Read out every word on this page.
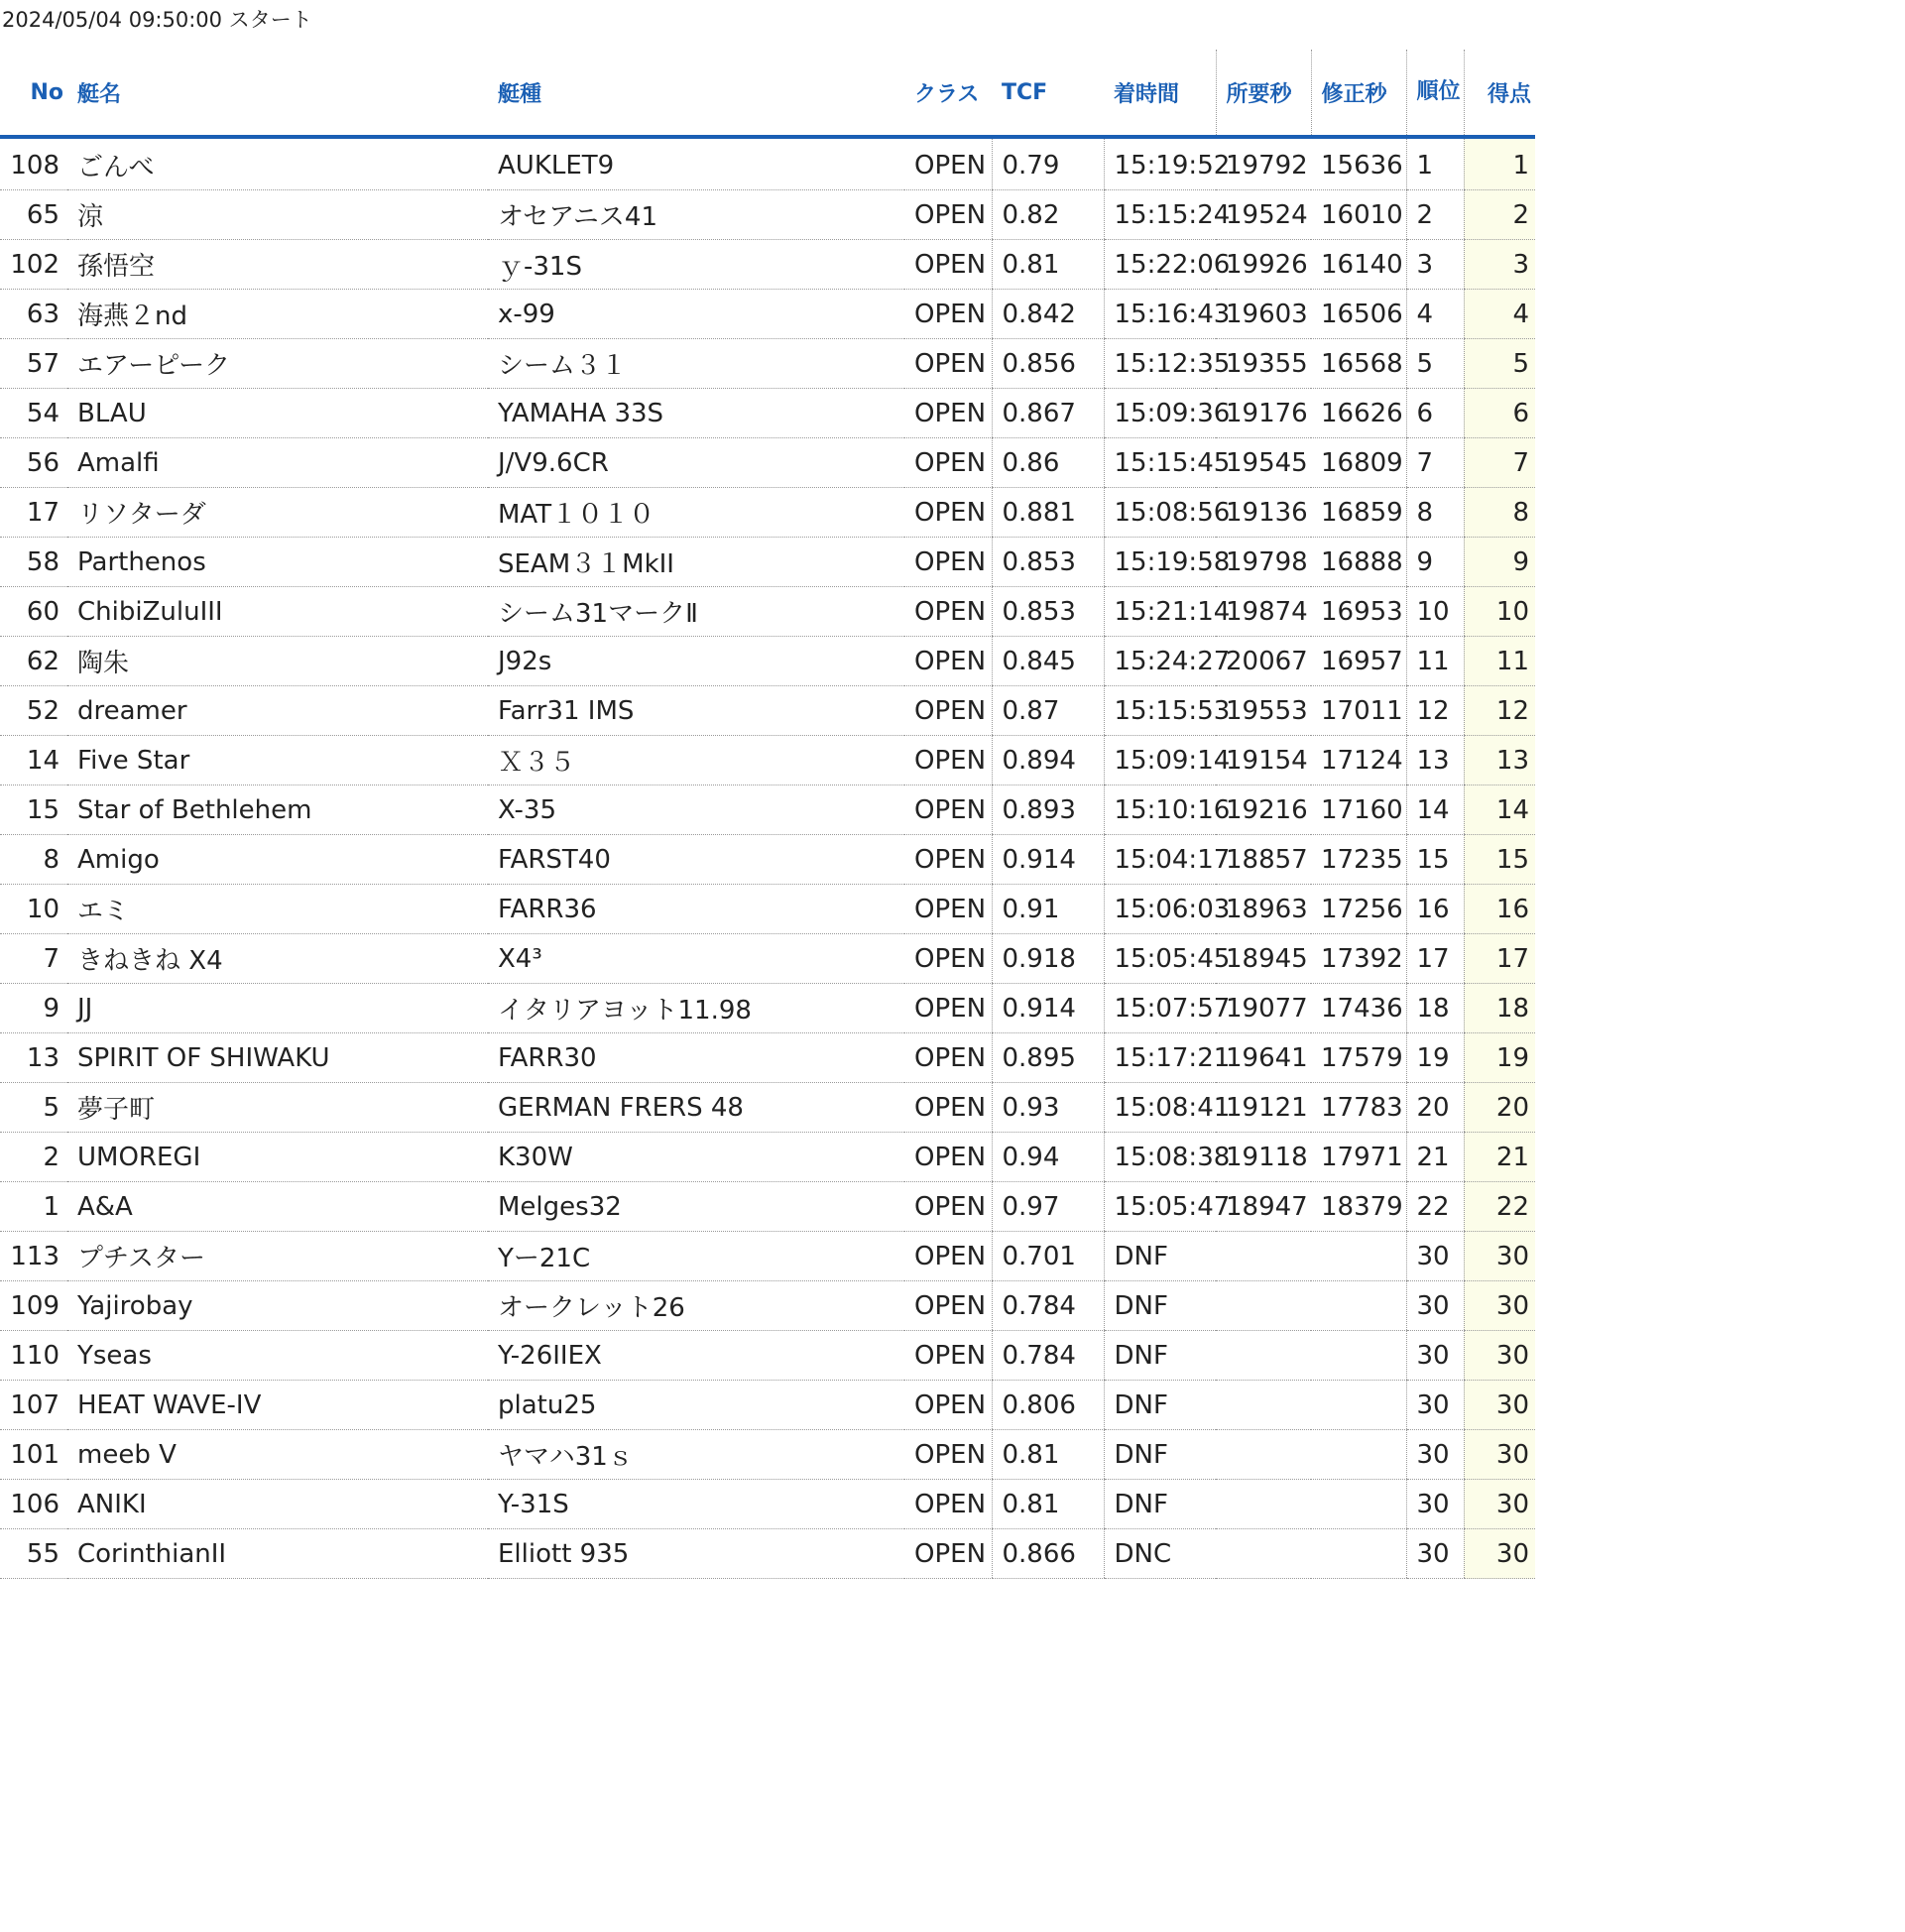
2024/05/04 09:50:00 スタート
No	艇名	艇種	クラス	TCF	着時間	所要秒	修正秒	順位	得点
108	ごんべ	AUKLET9	OPEN	0.79	15:19:52	19792	15636	1	1
65	涼	オセアニス41	OPEN	0.82	15:15:24	19524	16010	2	2
102	孫悟空	ｙ-31S	OPEN	0.81	15:22:06	19926	16140	3	3
63	海燕２nd	x-99	OPEN	0.842	15:16:43	19603	16506	4	4
57	エアーピーク	シーム３１	OPEN	0.856	15:12:35	19355	16568	5	5
54	BLAU	YAMAHA 33S	OPEN	0.867	15:09:36	19176	16626	6	6
56	Amalfi	J/V9.6CR	OPEN	0.86	15:15:45	19545	16809	7	7
17	リソターダ	MAT１０１０	OPEN	0.881	15:08:56	19136	16859	8	8
58	Parthenos	SEAM３１MkII	OPEN	0.853	15:19:58	19798	16888	9	9
60	ChibiZuluIII	シーム31マークⅡ	OPEN	0.853	15:21:14	19874	16953	10	10
62	陶朱	J92s	OPEN	0.845	15:24:27	20067	16957	11	11
52	dreamer	Farr31 IMS	OPEN	0.87	15:15:53	19553	17011	12	12
14	Five Star	Ｘ３５	OPEN	0.894	15:09:14	19154	17124	13	13
15	Star of Bethlehem	X-35	OPEN	0.893	15:10:16	19216	17160	14	14
8	Amigo	FARST40	OPEN	0.914	15:04:17	18857	17235	15	15
10	エミ	FARR36	OPEN	0.91	15:06:03	18963	17256	16	16
7	きねきね X4	X4³	OPEN	0.918	15:05:45	18945	17392	17	17
9	JJ	イタリアヨット11.98	OPEN	0.914	15:07:57	19077	17436	18	18
13	SPIRIT OF SHIWAKU	FARR30	OPEN	0.895	15:17:21	19641	17579	19	19
5	夢子町	GERMAN FRERS 48	OPEN	0.93	15:08:41	19121	17783	20	20
2	UMOREGI	K30W	OPEN	0.94	15:08:38	19118	17971	21	21
1	A&A	Melges32	OPEN	0.97	15:05:47	18947	18379	22	22
113	プチスター	Yー21C	OPEN	0.701	DNF			30	30
109	Yajirobay	オークレット26	OPEN	0.784	DNF			30	30
110	Yseas	Y-26IIEX	OPEN	0.784	DNF			30	30
107	HEAT WAVE-IV	platu25	OPEN	0.806	DNF			30	30
101	meeb V	ヤマハ31ｓ	OPEN	0.81	DNF			30	30
106	ANIKI	Y-31S	OPEN	0.81	DNF			30	30
55	CorinthianII	Elliott 935	OPEN	0.866	DNC			30	30
